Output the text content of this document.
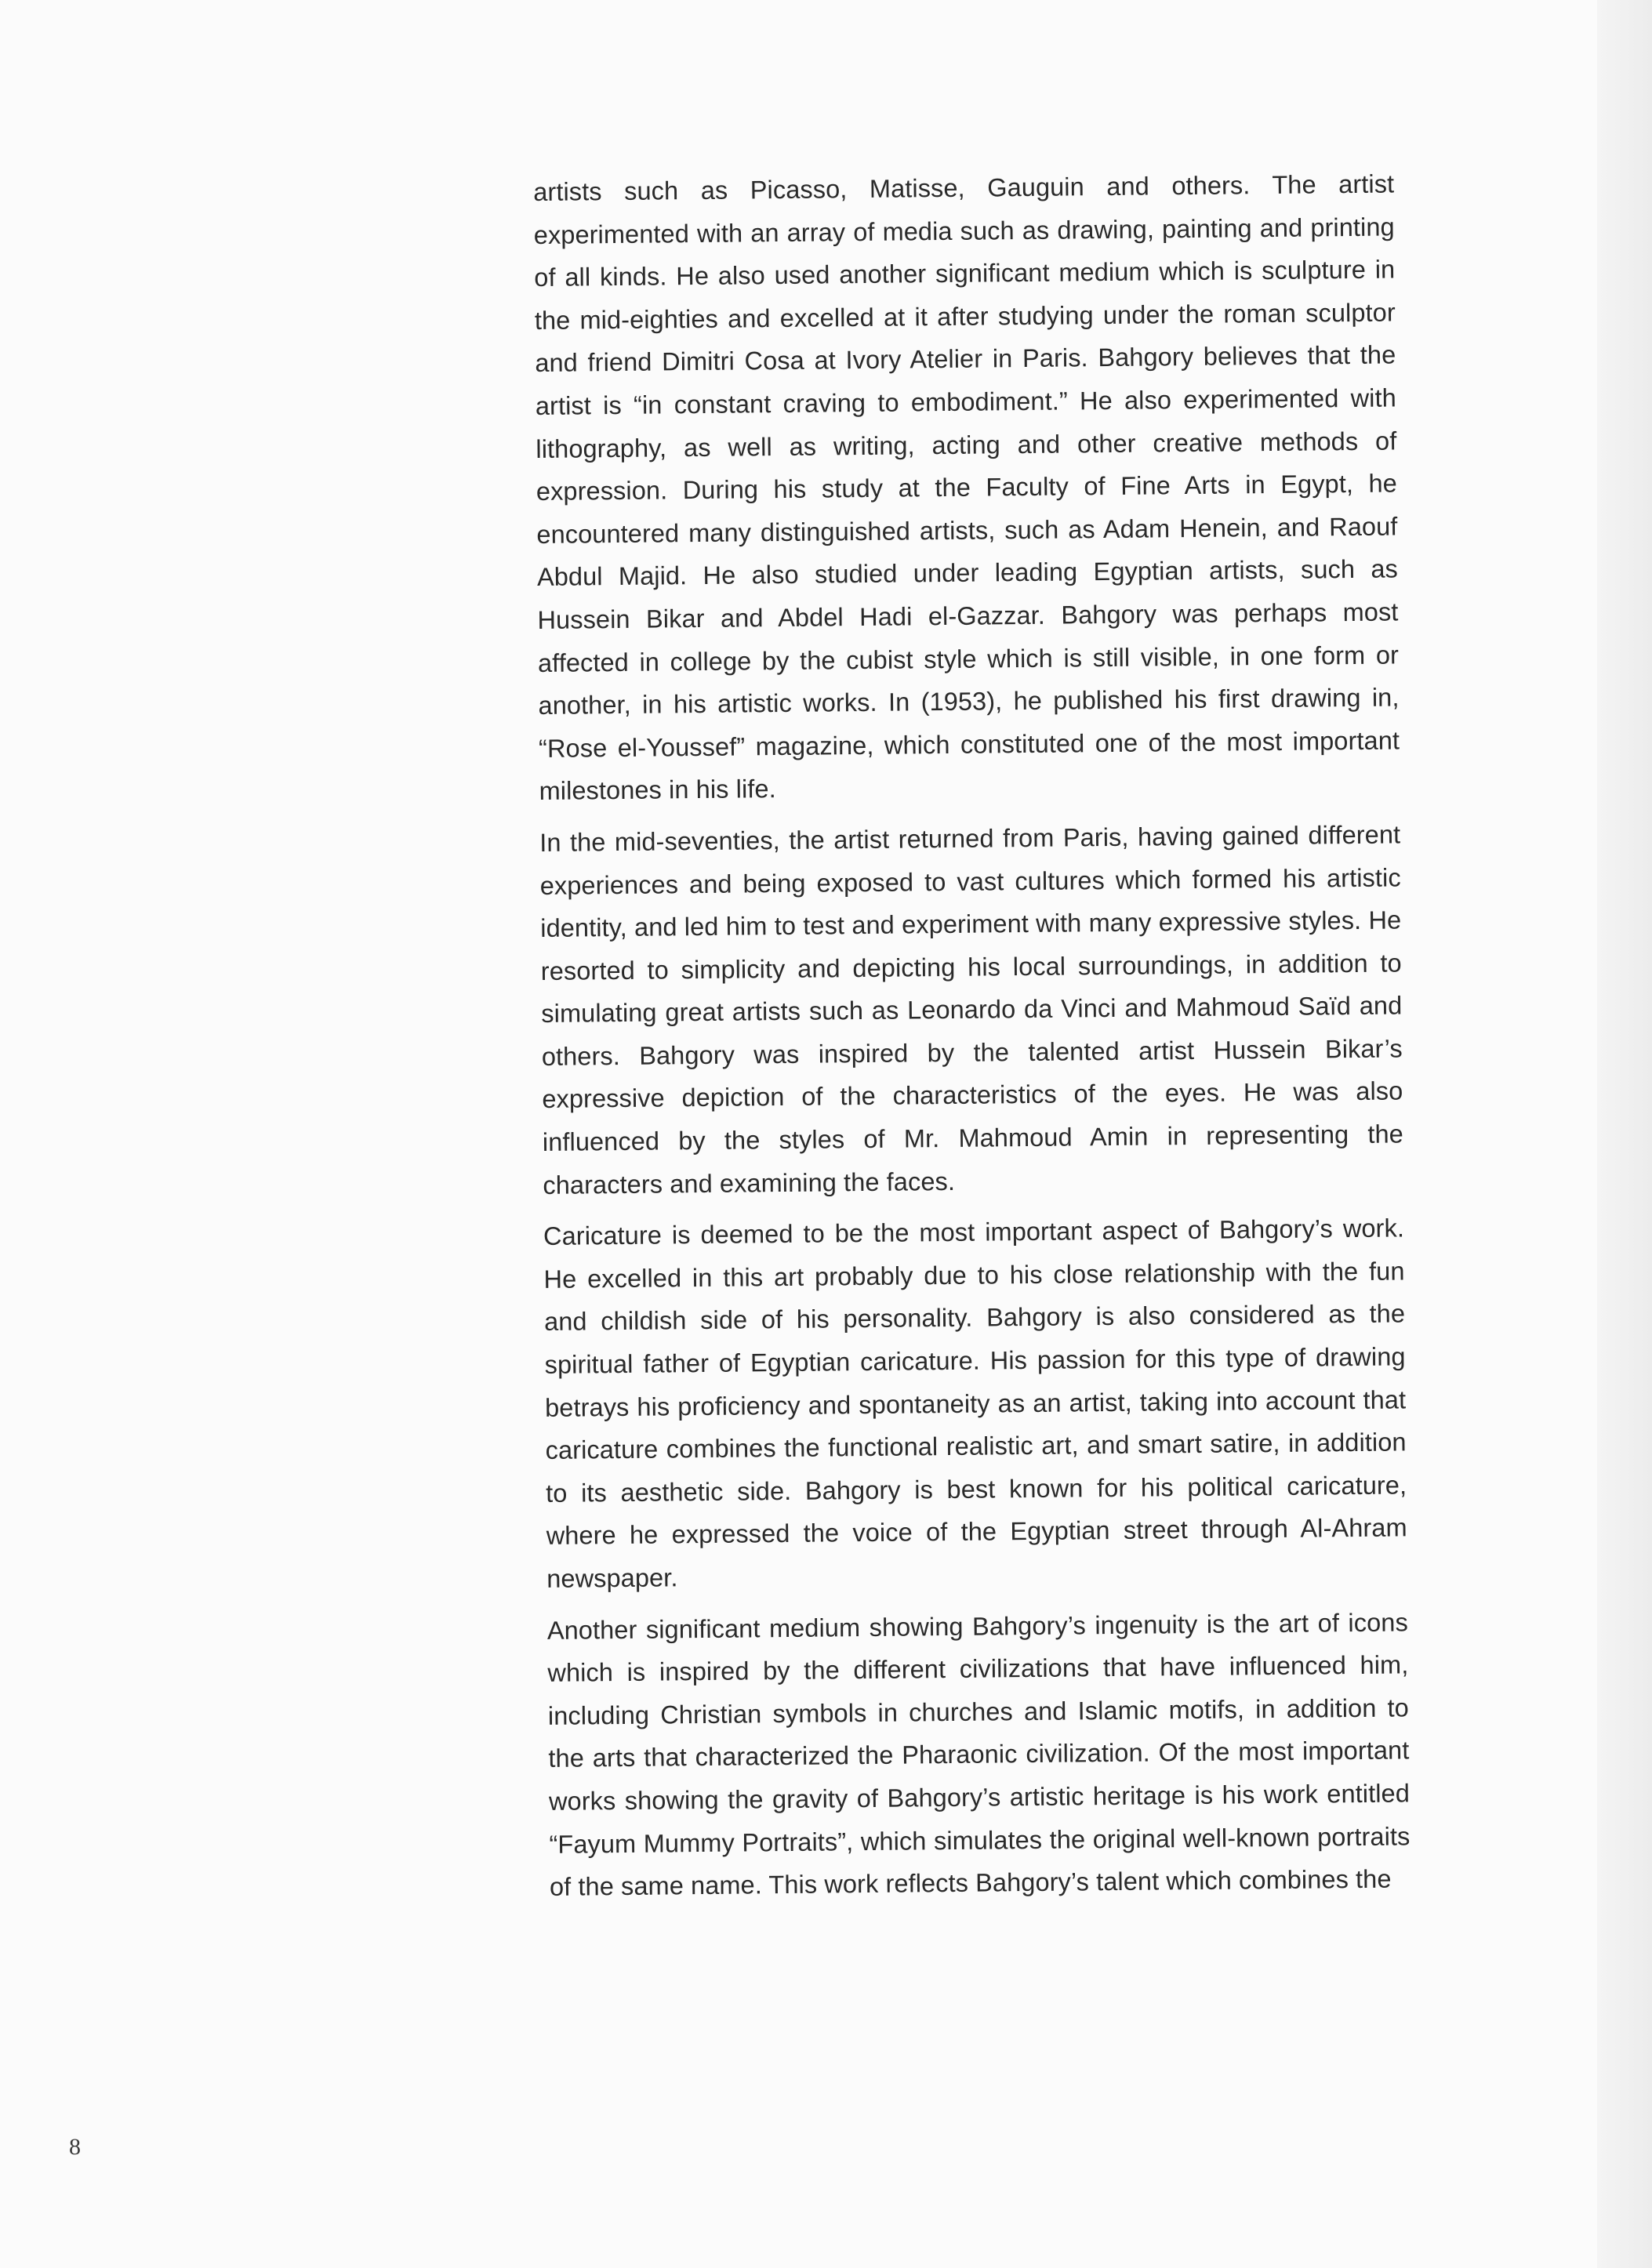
artists such as Picasso, Matisse, Gauguin and others. The artist experimented with an array of media such as drawing, painting and printing of all kinds. He also used another significant medium which is sculpture in the mid-eighties and excelled at it after studying under the roman sculptor and friend Dimitri Cosa at Ivory Atelier in Paris. Bahgory believes that the artist is “in constant craving to embodiment.” He also experimented with lithography, as well as writing, acting and other creative methods of expression. During his study at the Faculty of Fine Arts in Egypt, he encountered many distinguished artists, such as Adam Henein, and Raouf Abdul Majid. He also studied under leading Egyptian artists, such as Hussein Bikar and Abdel Hadi el-Gazzar. Bahgory was perhaps most affected in college by the cubist style which is still visible, in one form or another, in his artistic works. In (1953), he published his first drawing in, “Rose el-Youssef” magazine, which constituted one of the most important milestones in his life.

In the mid-seventies, the artist returned from Paris, having gained different experiences and being exposed to vast cultures which formed his artistic identity, and led him to test and experiment with many expressive styles. He resorted to simplicity and depicting his local surroundings, in addition to simulating great artists such as Leonardo da Vinci and Mahmoud Saïd and others. Bahgory was inspired by the talented artist Hussein Bikar’s expressive depiction of the characteristics of the eyes. He was also influenced by the styles of Mr. Mahmoud Amin in representing the characters and examining the faces.

Caricature is deemed to be the most important aspect of Bahgory’s work. He excelled in this art probably due to his close relationship with the fun and childish side of his personality. Bahgory is also considered as the spiritual father of Egyptian caricature. His passion for this type of drawing betrays his proficiency and spontaneity as an artist, taking into account that caricature combines the functional realistic art, and smart satire, in addition to its aesthetic side. Bahgory is best known for his political caricature, where he expressed the voice of the Egyptian street through Al-Ahram newspaper.

Another significant medium showing Bahgory’s ingenuity is the art of icons which is inspired by the different civilizations that have influenced him, including Christian symbols in churches and Islamic motifs, in addition to the arts that characterized the Pharaonic civilization. Of the most important works showing the gravity of Bahgory’s artistic heritage is his work entitled “Fayum Mummy Portraits”, which simulates the original well-known portraits of the same name. This work reflects Bahgory’s talent which combines the

8
